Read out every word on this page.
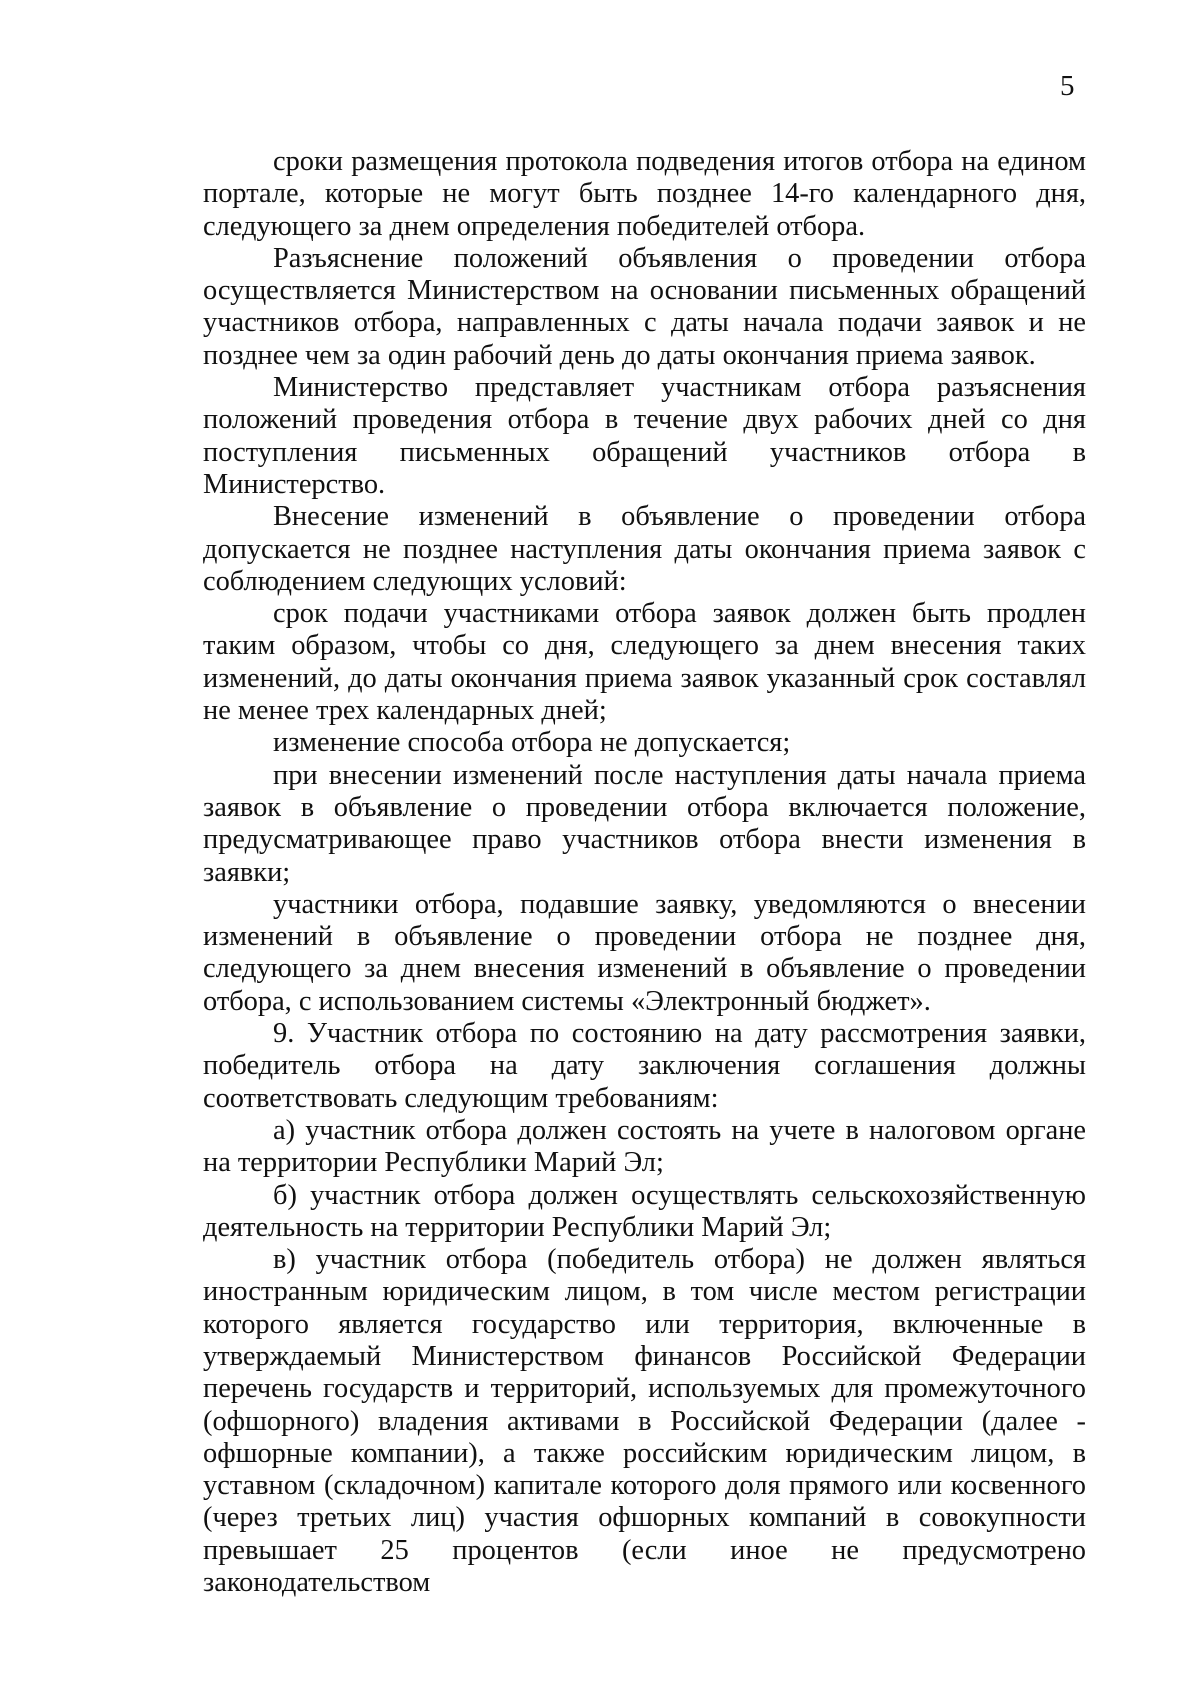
5

сроки размещения протокола подведения итогов отбора на едином портале, которые не могут быть позднее 14-го календарного дня, следующего за днем определения победителей отбора.

Разъяснение положений объявления о проведении отбора осуществляется Министерством на основании письменных обращений участников отбора, направленных с даты начала подачи заявок и не позднее чем за один рабочий день до даты окончания приема заявок.

Министерство представляет участникам отбора разъяснения положений проведения отбора в течение двух рабочих дней со дня поступления письменных обращений участников отбора в Министерство.

Внесение изменений в объявление о проведении отбора допускается не позднее наступления даты окончания приема заявок с соблюдением следующих условий:

срок подачи участниками отбора заявок должен быть продлен таким образом, чтобы со дня, следующего за днем внесения таких изменений, до даты окончания приема заявок указанный срок составлял не менее трех календарных дней;

изменение способа отбора не допускается;

при внесении изменений после наступления даты начала приема заявок в объявление о проведении отбора включается положение, предусматривающее право участников отбора внести изменения в заявки;

участники отбора, подавшие заявку, уведомляются о внесении изменений в объявление о проведении отбора не позднее дня, следующего за днем внесения изменений в объявление о проведении отбора, с использованием системы «Электронный бюджет».

9. Участник отбора по состоянию на дату рассмотрения заявки, победитель отбора на дату заключения соглашения должны соответствовать следующим требованиям:

а) участник отбора должен состоять на учете в налоговом органе на территории Республики Марий Эл;

б) участник отбора должен осуществлять сельскохозяйственную деятельность на территории Республики Марий Эл;

в) участник отбора (победитель отбора) не должен являться иностранным юридическим лицом, в том числе местом регистрации которого является государство или территория, включенные в утверждаемый Министерством финансов Российской Федерации перечень государств и территорий, используемых для промежуточного (офшорного) владения активами в Российской Федерации (далее - офшорные компании), а также российским юридическим лицом, в уставном (складочном) капитале которого доля прямого или косвенного (через третьих лиц) участия офшорных компаний в совокупности превышает 25 процентов (если иное не предусмотрено законодательством
